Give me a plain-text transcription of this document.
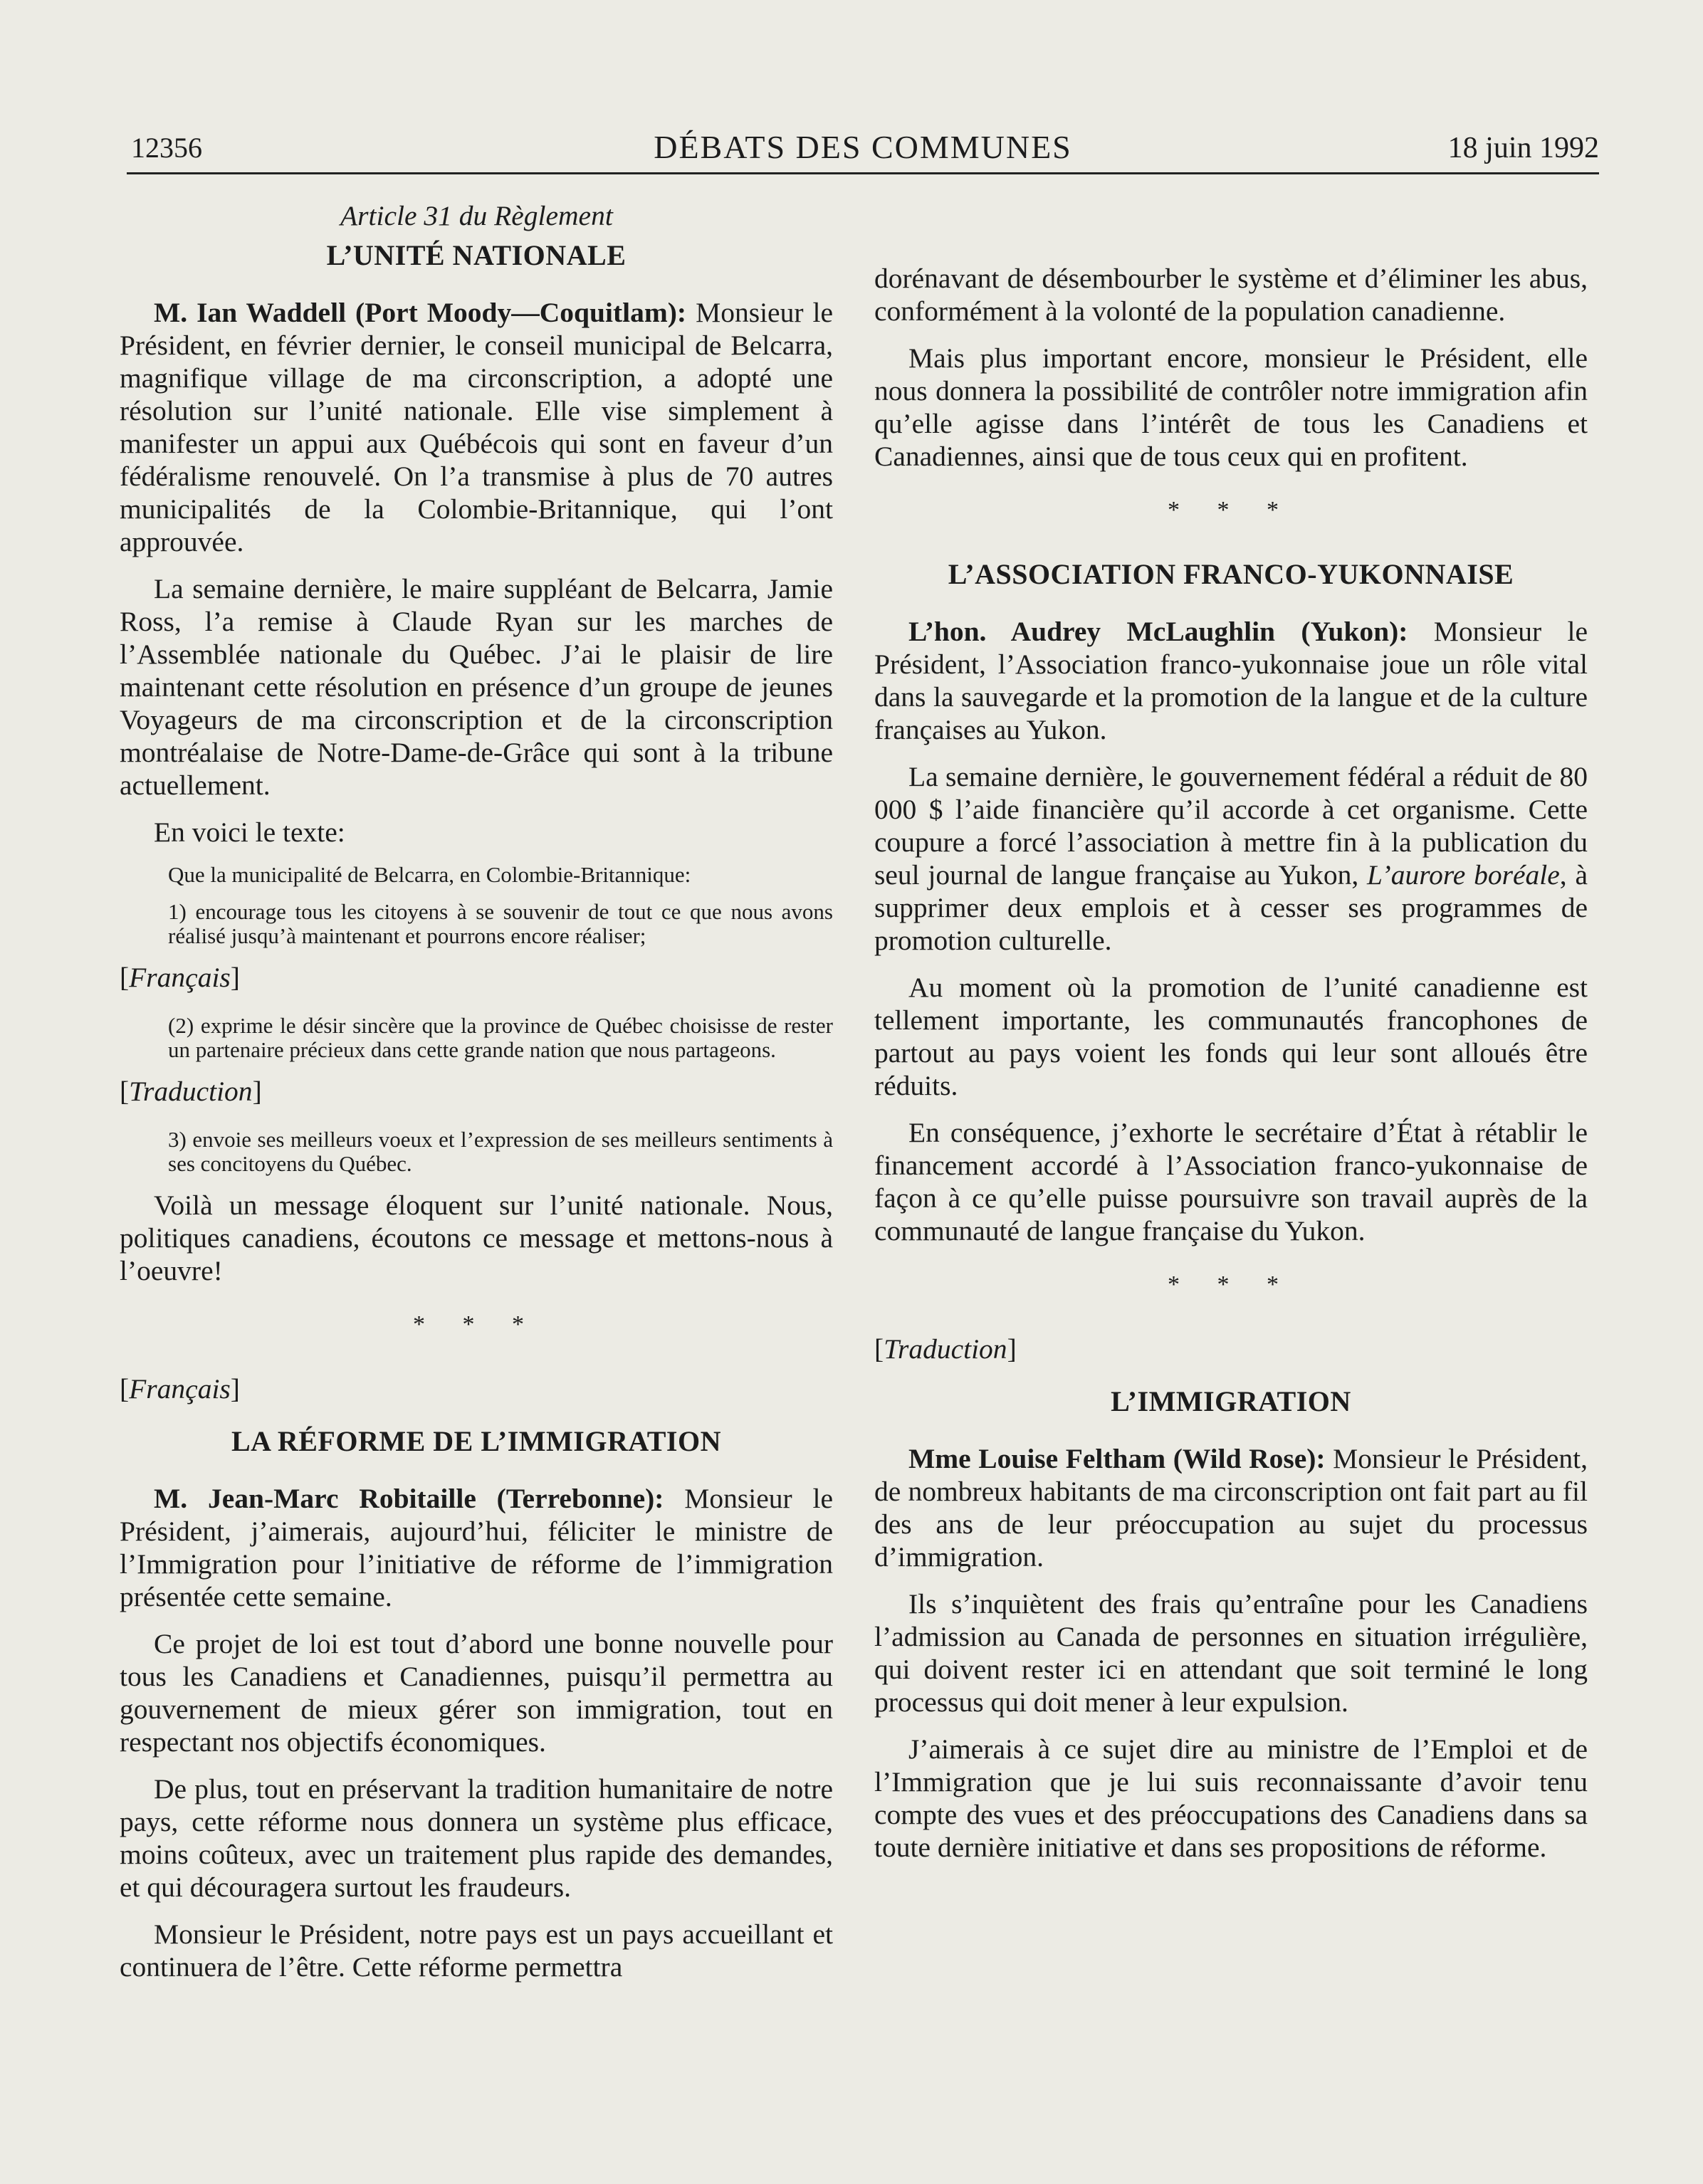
12356	DÉBATS DES COMMUNES	18 juin 1992
Article 31 du Règlement
L’UNITÉ NATIONALE

M. Ian Waddell (Port Moody—Coquitlam): Monsieur le Président, en février dernier, le conseil municipal de Belcarra, magnifique village de ma circonscription, a adopté une résolution sur l’unité nationale. Elle vise simplement à manifester un appui aux Québécois qui sont en faveur d’un fédéralisme renouvelé. On l’a transmise à plus de 70 autres municipalités de la Colombie-Britannique, qui l’ont approuvée.

La semaine dernière, le maire suppléant de Belcarra, Jamie Ross, l’a remise à Claude Ryan sur les marches de l’Assemblée nationale du Québec. J’ai le plaisir de lire maintenant cette résolution en présence d’un groupe de jeunes Voyageurs de ma circonscription et de la circonscription montréalaise de Notre-Dame-de-Grâce qui sont à la tribune actuellement.

En voici le texte:

Que la municipalité de Belcarra, en Colombie-Britannique:
1) encourage tous les citoyens à se souvenir de tout ce que nous avons réalisé jusqu’à maintenant et pourrons encore réaliser;
[Français]
(2) exprime le désir sincère que la province de Québec choisisse de rester un partenaire précieux dans cette grande nation que nous partageons.
[Traduction]
3) envoie ses meilleurs voeux et l’expression de ses meilleurs sentiments à ses concitoyens du Québec.

Voilà un message éloquent sur l’unité nationale. Nous, politiques canadiens, écoutons ce message et mettons-nous à l’oeuvre!

* * *
[Français]
LA RÉFORME DE L’IMMIGRATION

M. Jean-Marc Robitaille (Terrebonne): Monsieur le Président, j’aimerais, aujourd’hui, féliciter le ministre de l’Immigration pour l’initiative de réforme de l’immigration présentée cette semaine.

Ce projet de loi est tout d’abord une bonne nouvelle pour tous les Canadiens et Canadiennes, puisqu’il permettra au gouvernement de mieux gérer son immigration, tout en respectant nos objectifs économiques.

De plus, tout en préservant la tradition humanitaire de notre pays, cette réforme nous donnera un système plus efficace, moins coûteux, avec un traitement plus rapide des demandes, et qui découragera surtout les fraudeurs.

Monsieur le Président, notre pays est un pays accueillant et continuera de l’être. Cette réforme permettra

dorénavant de désembourber le système et d’éliminer les abus, conformément à la volonté de la population canadienne.

Mais plus important encore, monsieur le Président, elle nous donnera la possibilité de contrôler notre immigration afin qu’elle agisse dans l’intérêt de tous les Canadiens et Canadiennes, ainsi que de tous ceux qui en profitent.

* * *
L’ASSOCIATION FRANCO-YUKONNAISE

L’hon. Audrey McLaughlin (Yukon): Monsieur le Président, l’Association franco-yukonnaise joue un rôle vital dans la sauvegarde et la promotion de la langue et de la culture françaises au Yukon.

La semaine dernière, le gouvernement fédéral a réduit de 80 000 $ l’aide financière qu’il accorde à cet organisme. Cette coupure a forcé l’association à mettre fin à la publication du seul journal de langue française au Yukon, L’aurore boréale, à supprimer deux emplois et à cesser ses programmes de promotion culturelle.

Au moment où la promotion de l’unité canadienne est tellement importante, les communautés francophones de partout au pays voient les fonds qui leur sont alloués être réduits.

En conséquence, j’exhorte le secrétaire d’État à rétablir le financement accordé à l’Association franco-yukonnaise de façon à ce qu’elle puisse poursuivre son travail auprès de la communauté de langue française du Yukon.

* * *
[Traduction]
L’IMMIGRATION

Mme Louise Feltham (Wild Rose): Monsieur le Président, de nombreux habitants de ma circonscription ont fait part au fil des ans de leur préoccupation au sujet du processus d’immigration.

Ils s’inquiètent des frais qu’entraîne pour les Canadiens l’admission au Canada de personnes en situation irrégulière, qui doivent rester ici en attendant que soit terminé le long processus qui doit mener à leur expulsion.

J’aimerais à ce sujet dire au ministre de l’Emploi et de l’Immigration que je lui suis reconnaissante d’avoir tenu compte des vues et des préoccupations des Canadiens dans sa toute dernière initiative et dans ses propositions de réforme.
